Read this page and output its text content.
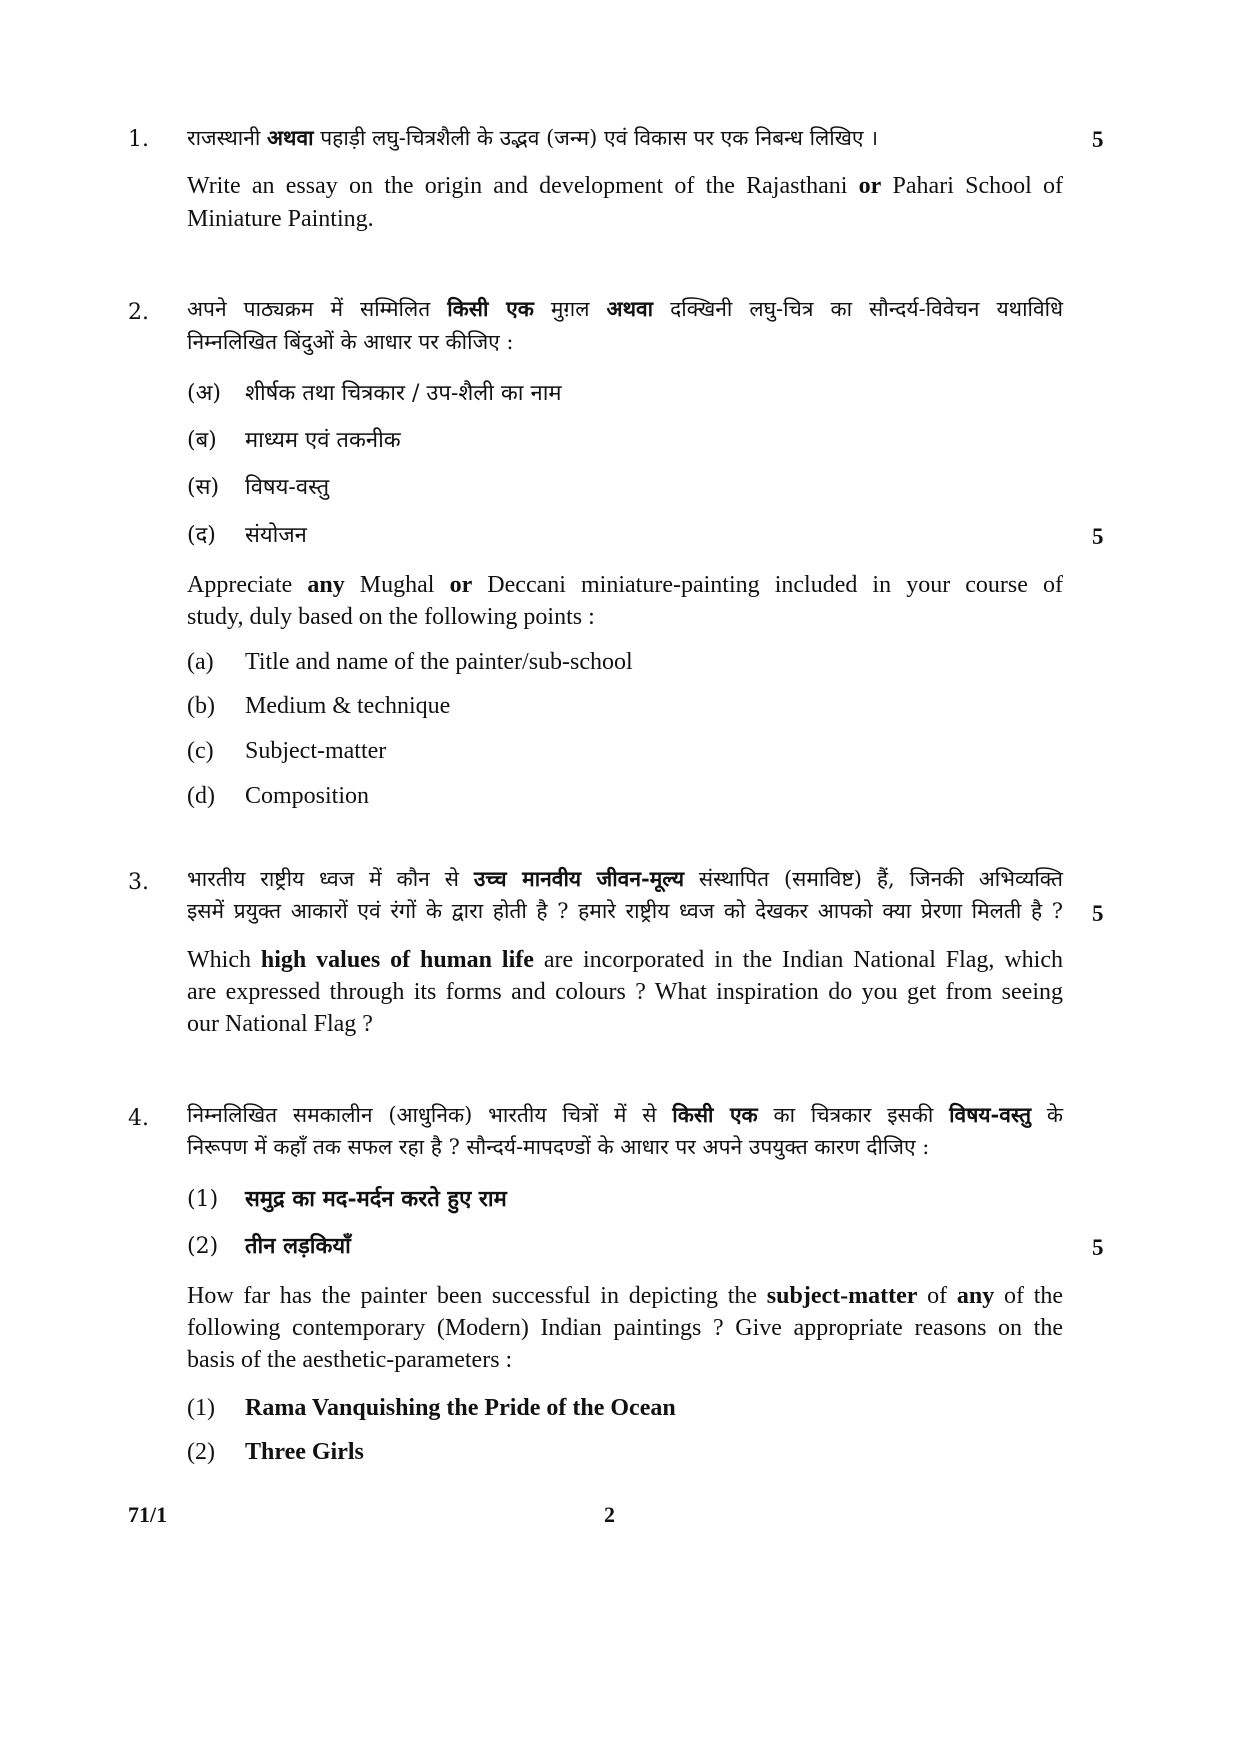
1. राजस्थानी अथवा पहाड़ी लघु-चित्रशैली के उद्भव (जन्म) एवं विकास पर एक निबन्ध लिखिए ।	5
Write an essay on the origin and development of the Rajasthani or Pahari School of
Miniature Painting.
2. अपने पाठ्यक्रम में सम्मिलित किसी एक मुग़ल अथवा दक्खिनी लघु-चित्र का सौन्दर्य-विवेचन यथाविधि
निम्नलिखित बिंदुओं के आधार पर कीजिए :
(अ) शीर्षक तथा चित्रकार / उप-शैली का नाम
(ब) माध्यम एवं तकनीक
(स) विषय-वस्तु
(द) संयोजन	5
Appreciate any Mughal or Deccani miniature-painting included in your course of
study, duly based on the following points :
(a) Title and name of the painter/sub-school
(b) Medium & technique
(c) Subject-matter
(d) Composition
3. भारतीय राष्ट्रीय ध्वज में कौन से उच्च मानवीय जीवन-मूल्य संस्थापित (समाविष्ट) हैं, जिनकी अभिव्यक्ति
इसमें प्रयुक्त आकारों एवं रंगों के द्वारा होती है ? हमारे राष्ट्रीय ध्वज को देखकर आपको क्या प्रेरणा मिलती है ? 5
Which high values of human life are incorporated in the Indian National Flag, which
are expressed through its forms and colours ? What inspiration do you get from seeing
our National Flag ?
4. निम्नलिखित समकालीन (आधुनिक) भारतीय चित्रों में से किसी एक का चित्रकार इसकी विषय-वस्तु के
निरूपण में कहाँ तक सफल रहा है ? सौन्दर्य-मापदण्डों के आधार पर अपने उपयुक्त कारण दीजिए :
(1) समुद्र का मद-मर्दन करते हुए राम
(2) तीन लड़कियाँ	5
How far has the painter been successful in depicting the subject-matter of any of the
following contemporary (Modern) Indian paintings ? Give appropriate reasons on the
basis of the aesthetic-parameters :
(1) Rama Vanquishing the Pride of the Ocean
(2) Three Girls
71/1	2
